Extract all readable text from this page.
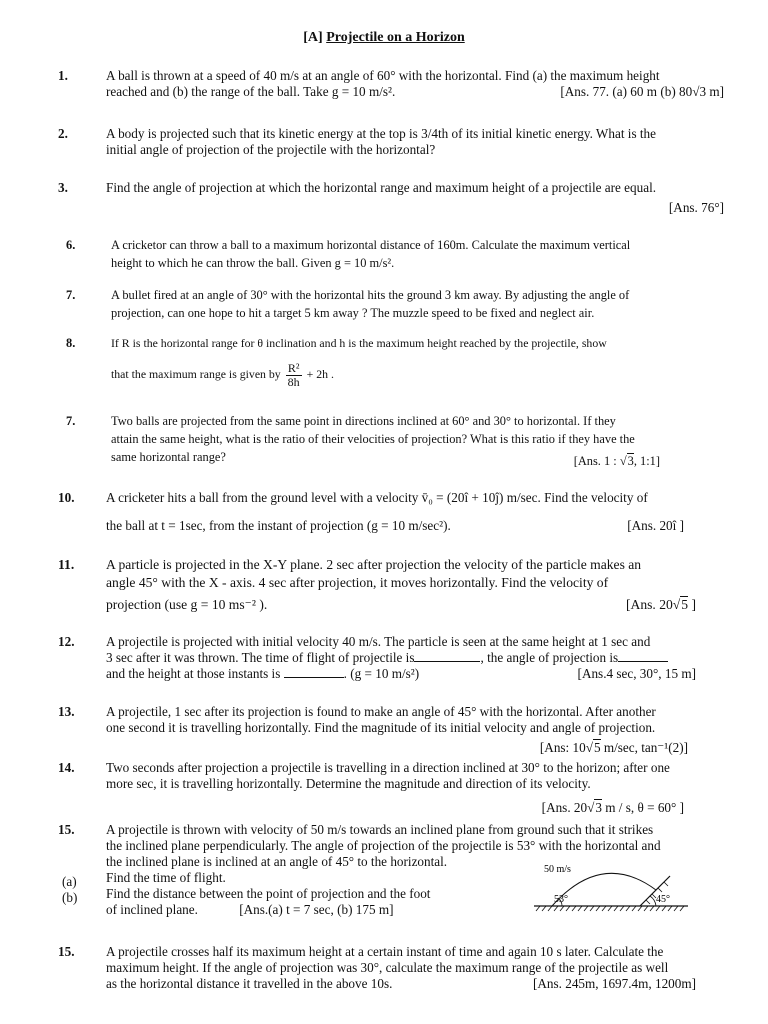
[A] Projectile on a Horizon
1.	A ball is thrown at a speed of 40 m/s at an angle of 60° with the horizontal. Find (a) the maximum height
reached and (b) the range of the ball. Take g = 10 m/s².	[Ans. 77. (a) 60 m (b) 80√3 m]
2.	A body is projected such that its kinetic energy at the top is 3/4th of its initial kinetic energy. What is the
initial angle of projection of the projectile with the horizontal?
3.	Find the angle of projection at which the horizontal range and maximum height of a projectile are equal.
[Ans. 76°]
6.	A cricketor can throw a ball to a maximum horizontal distance of 160m. Calculate the maximum vertical
height to which he can throw the ball. Given g = 10 m/s².
7.	A bullet fired at an angle of 30° with the horizontal hits the ground 3 km away. By adjusting the angle of
projection, can one hope to hit a target 5 km away ? The muzzle speed to be fixed and neglect air.
8.	If R is the horizontal range for θ inclination and h is the maximum height reached by the projectile, show
that the maximum range is given by $\frac{\text{R²}}{8h} + 2h$ .
7.	Two balls are projected from the same point in directions inclined at 60° and 30° to horizontal. If they
attain the same height, what is the ratio of their velocities of projection? What is this ratio if they have the
same horizontal range?	[Ans. 1 : √3, 1:1]
10. A cricketer hits a ball from the ground level with a velocity v̄₀ = (20î + 10ĵ) m/sec. Find the velocity of
the ball at t = 1sec, from the instant of projection (g = 10 m/sec²).	[Ans. 20î ]
11. A particle is projected in the X-Y plane. 2 sec after projection the velocity of the particle makes an
angle 45° with the X - axis. 4 sec after projection, it moves horizontally. Find the velocity of
projection (use g = 10 ms⁻² ).	[Ans. 20√5 ]
12. A projectile is projected with initial velocity 40 m/s. The particle is seen at the same height at 1 sec and
3 sec after it was thrown. The time of flight of projectile is	, the angle of projection is
and the height at those instants is	. (g = 10 m/s²)	[Ans.4 sec, 30°, 15 m]
13. A projectile, 1 sec after its projection is found to make an angle of 45° with the horizontal. After another
one second it is travelling horizontally. Find the magnitude of its initial velocity and angle of projection.
[Ans: 10√5 m/sec, tan⁻¹(2)]
14. Two seconds after projection a projectile is travelling in a direction inclined at 30° to the horizon; after one
more sec, it is travelling horizontally. Determine the magnitude and direction of its velocity.
[Ans. 20√3 m / s, θ = 60° ]
15. A projectile is thrown with velocity of 50 m/s towards an inclined plane from ground such that it strikes
the inclined plane perpendicularly. The angle of projection of the projectile is 53° with the horizontal and
the inclined plane is inclined at an angle of 45° to the horizontal.
Find the time of flight.
Find the distance between the point of projection and the foot
of inclined plane.	[Ans.(a) t = 7 sec, (b) 175 m]
(a)
(b)
50 m/s
53°	45°
15. A projectile crosses half its maximum height at a certain instant of time and again 10 s later. Calculate the
maximum height. If the angle of projection was 30°, calculate the maximum range of the projectile as well
as the horizontal distance it travelled in the above 10s.	[Ans. 245m, 1697.4m, 1200m]
